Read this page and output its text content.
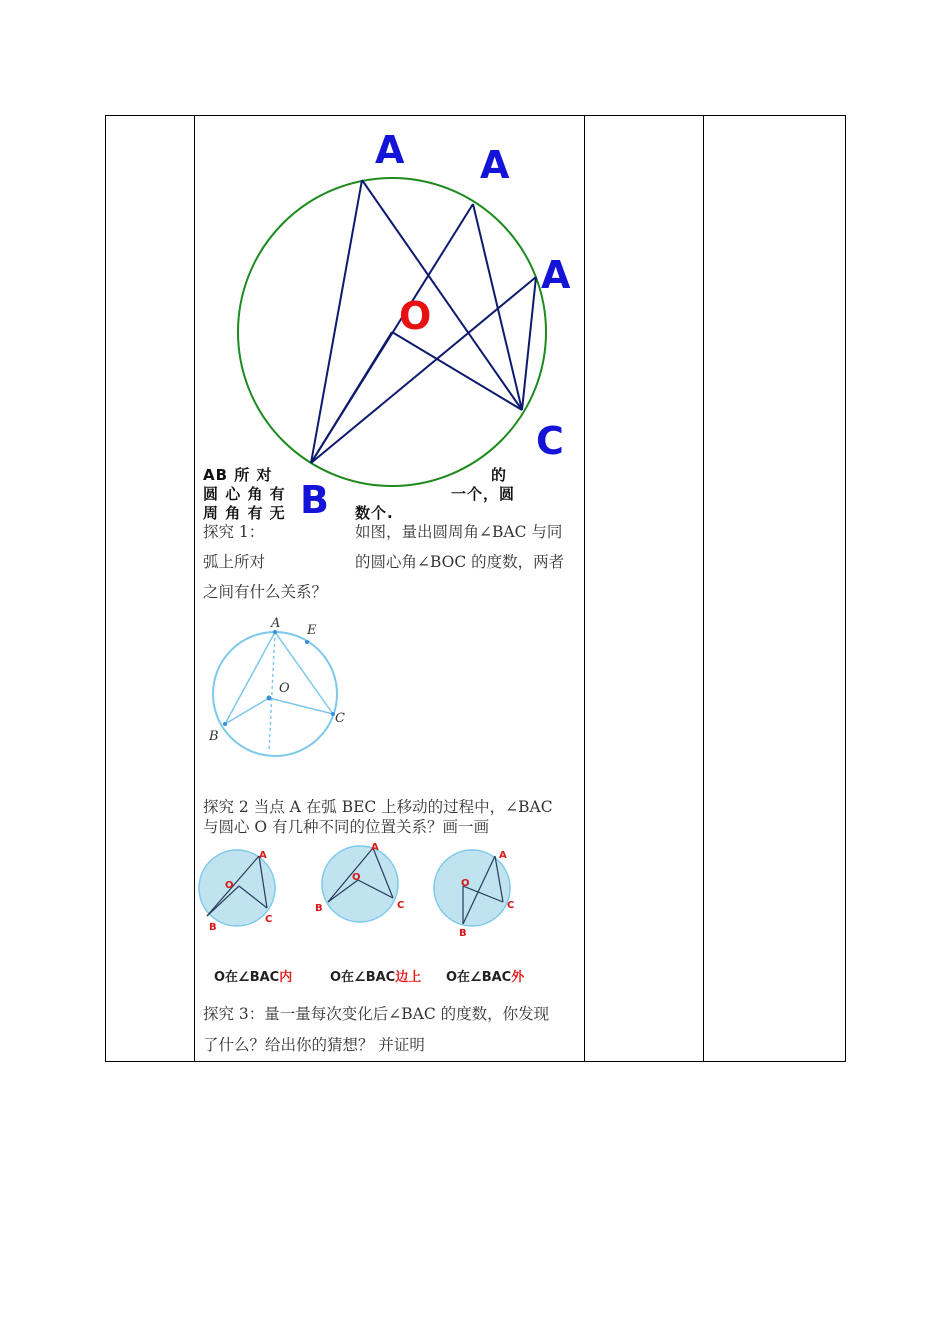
A A
A
O
C
B
AB 所 对	的
圆 心 角 有	一个，圆
周 角 有 无	数个.
探究 1：	如图，量出圆周角∠BAC 与同
弧上所对	的圆心角∠BOC 的度数，两者
之间有什么关系？
A E
O
B
C
探究 2 当点 A 在弧 BEC 上移动的过程中，∠BAC
与圆心 O 有几种不同的位置关系？画一画
A
O
B
C
A
O
B	C
A
O
B
C
O在∠BAC内	O在∠BAC边上 O在∠BAC外
探究 3：量一量每次变化后∠BAC 的度数，你发现
了什么？给出你的猜想？ 并证明
